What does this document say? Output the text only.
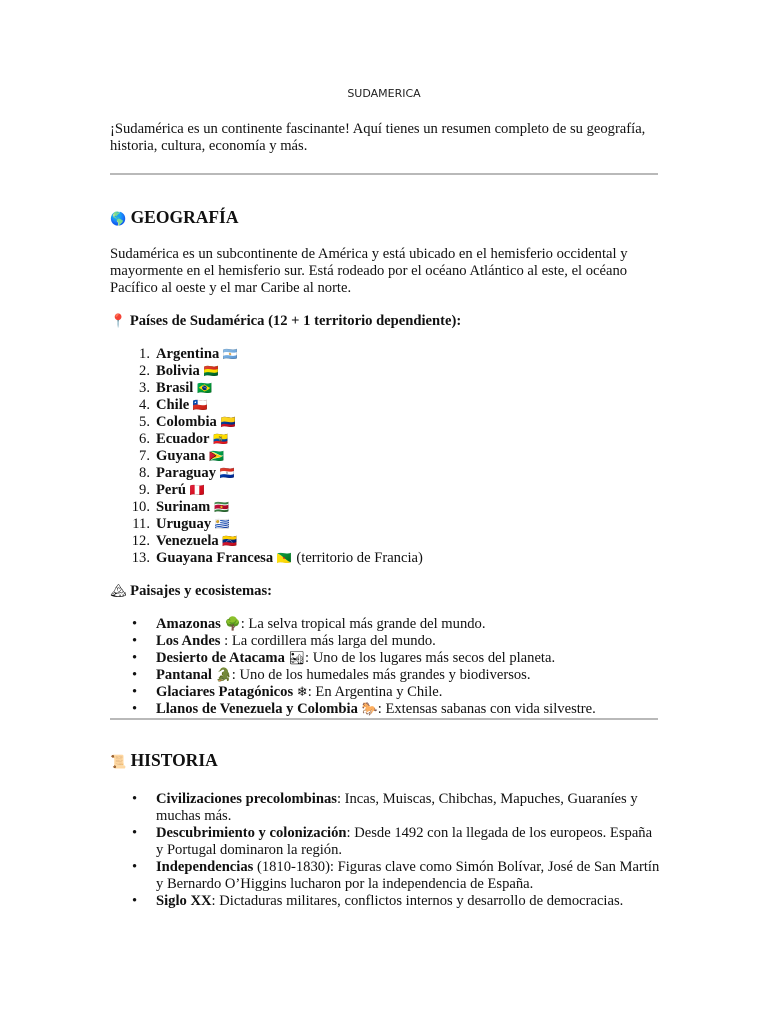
SUDAMERICA

¡Sudamérica es un continente fascinante! Aquí tienes un resumen completo de su geografía, historia, cultura, economía y más.

🌎 GEOGRAFÍA

Sudamérica es un subcontinente de América y está ubicado en el hemisferio occidental y mayormente en el hemisferio sur. Está rodeado por el océano Atlántico al este, el océano Pacífico al oeste y el mar Caribe al norte.

📍 Países de Sudamérica (12 + 1 territorio dependiente):

1. Argentina 🇦🇷
2. Bolivia 🇧🇴
3. Brasil 🇧🇷
4. Chile 🇨🇱
5. Colombia 🇨🇴
6. Ecuador 🇪🇨
7. Guyana 🇬🇾
8. Paraguay 🇵🇾
9. Perú 🇵🇪
10. Surinam 🇸🇷
11. Uruguay 🇺🇾
12. Venezuela 🇻🇪
13. Guayana Francesa 🇬🇫 (territorio de Francia)

🏔 Paisajes y ecosistemas:

• Amazonas 🌳: La selva tropical más grande del mundo.
• Los Andes : La cordillera más larga del mundo.
• Desierto de Atacama 🏜: Uno de los lugares más secos del planeta.
• Pantanal 🐊: Uno de los humedales más grandes y biodiversos.
• Glaciares Patagónicos ❄: En Argentina y Chile.
• Llanos de Venezuela y Colombia 🐎: Extensas sabanas con vida silvestre.
📜 HISTORIA
• Civilizaciones precolombinas: Incas, Muiscas, Chibchas, Mapuches, Guaraníes y muchas más.
• Descubrimiento y colonización: Desde 1492 con la llegada de los europeos. España y Portugal dominaron la región.
• Independencias (1810-1830): Figuras clave como Simón Bolívar, José de San Martín y Bernardo O’Higgins lucharon por la independencia de España.
• Siglo XX: Dictaduras militares, conflictos internos y desarrollo de democracias.
